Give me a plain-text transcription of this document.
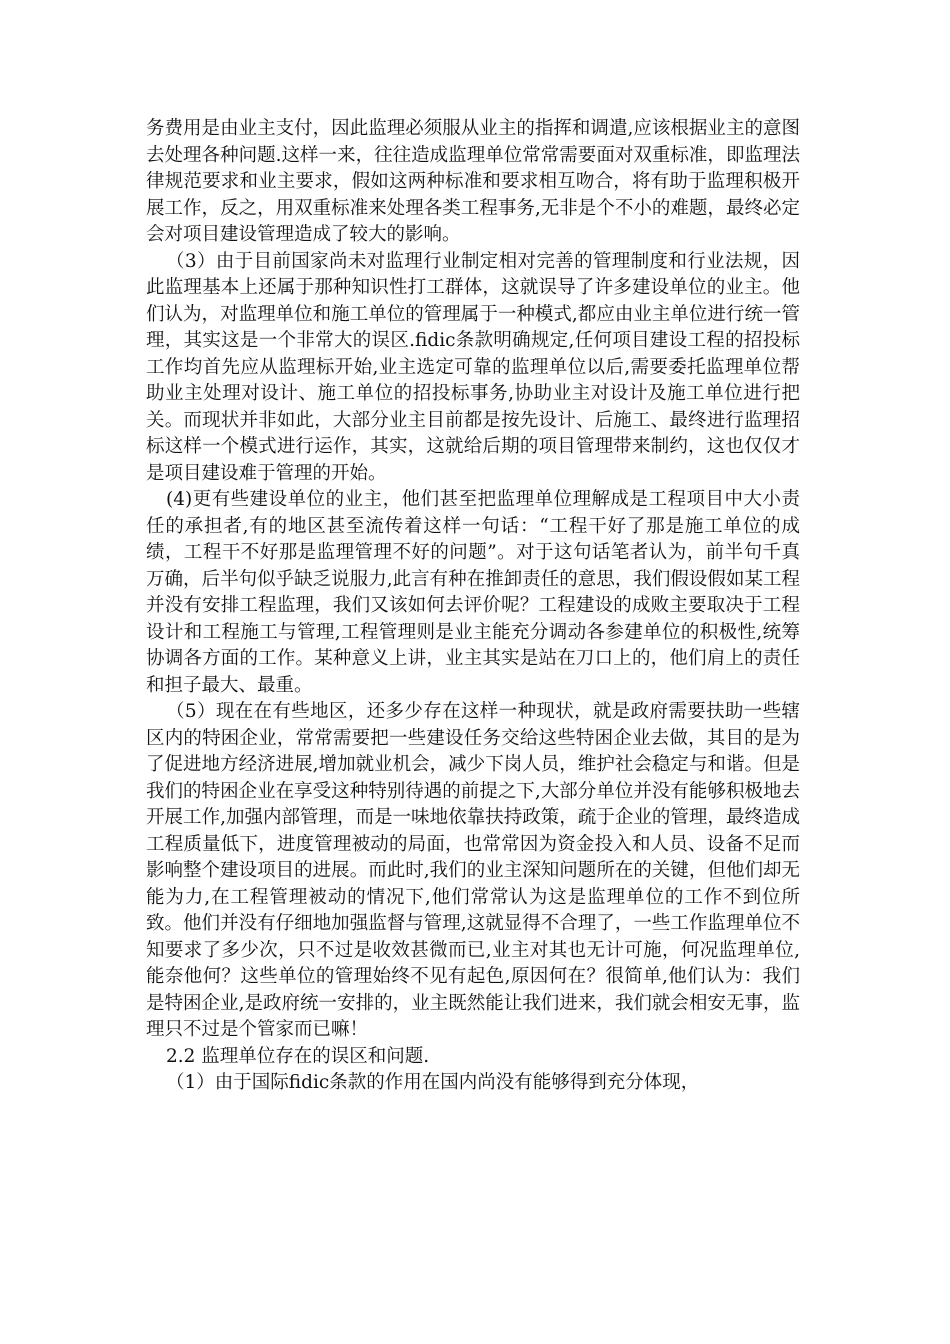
务费用是由业主支付，因此监理必须服从业主的指挥和调遣,应该根据业主的意图去处理各种问题.这样一来，往往造成监理单位常常需要面对双重标准，即监理法律规范要求和业主要求，假如这两种标准和要求相互吻合，将有助于监理积极开展工作，反之，用双重标准来处理各类工程事务,无非是个不小的难题，最终必定会对项目建设管理造成了较大的影响。

（3）由于目前国家尚未对监理行业制定相对完善的管理制度和行业法规，因此监理基本上还属于那种知识性打工群体，这就误导了许多建设单位的业主。他们认为，对监理单位和施工单位的管理属于一种模式,都应由业主单位进行统一管理，其实这是一个非常大的误区.fidic条款明确规定,任何项目建设工程的招投标工作均首先应从监理标开始,业主选定可靠的监理单位以后,需要委托监理单位帮助业主处理对设计、施工单位的招投标事务,协助业主对设计及施工单位进行把关。而现状并非如此，大部分业主目前都是按先设计、后施工、最终进行监理招标这样一个模式进行运作，其实，这就给后期的项目管理带来制约，这也仅仅才是项目建设难于管理的开始。

(4)更有些建设单位的业主，他们甚至把监理单位理解成是工程项目中大小责任的承担者,有的地区甚至流传着这样一句话：“工程干好了那是施工单位的成绩，工程干不好那是监理管理不好的问题”。对于这句话笔者认为，前半句千真万确，后半句似乎缺乏说服力,此言有种在推卸责任的意思，我们假设假如某工程并没有安排工程监理，我们又该如何去评价呢？工程建设的成败主要取决于工程设计和工程施工与管理,工程管理则是业主能充分调动各参建单位的积极性,统筹协调各方面的工作。某种意义上讲，业主其实是站在刀口上的，他们肩上的责任和担子最大、最重。

（5）现在在有些地区，还多少存在这样一种现状，就是政府需要扶助一些辖区内的特困企业，常常需要把一些建设任务交给这些特困企业去做，其目的是为了促进地方经济进展,增加就业机会，减少下岗人员，维护社会稳定与和谐。但是我们的特困企业在享受这种特别待遇的前提之下,大部分单位并没有能够积极地去开展工作,加强内部管理，而是一味地依靠扶持政策，疏于企业的管理，最终造成工程质量低下，进度管理被动的局面，也常常因为资金投入和人员、设备不足而影响整个建设项目的进展。而此时,我们的业主深知问题所在的关键，但他们却无能为力,在工程管理被动的情况下,他们常常认为这是监理单位的工作不到位所致。他们并没有仔细地加强监督与管理,这就显得不合理了，一些工作监理单位不知要求了多少次，只不过是收效甚微而已,业主对其也无计可施，何况监理单位,能奈他何？这些单位的管理始终不见有起色,原因何在？很简单,他们认为：我们是特困企业,是政府统一安排的，业主既然能让我们进来，我们就会相安无事，监理只不过是个管家而已嘛！

2.2 监理单位存在的误区和问题.

（1）由于国际fidic条款的作用在国内尚没有能够得到充分体现，
